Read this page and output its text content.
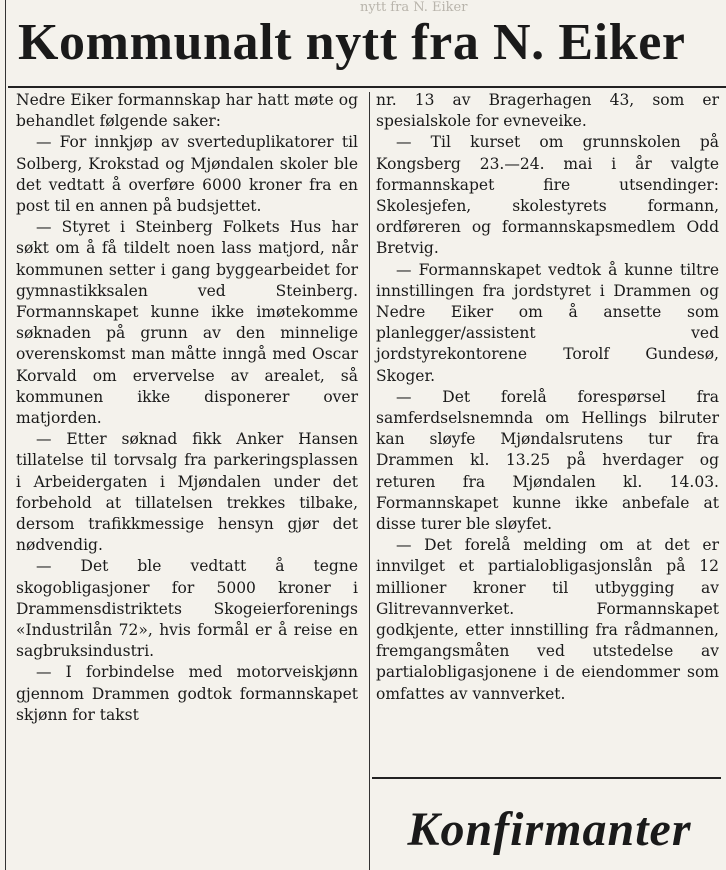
nytt fra N. Eiker
Kommunalt nytt fra N. Eiker

Nedre Eiker formannskap har hatt møte og behandlet følgende saker:

— For innkjøp av sverteduplikatorer til Solberg, Krokstad og Mjøndalen skoler ble det vedtatt å overføre 6000 kroner fra en post til en annen på budsjettet.

— Styret i Steinberg Folkets Hus har søkt om å få tildelt noen lass matjord, når kommunen setter i gang byggearbeidet for gymnastikksalen ved Steinberg. Formannskapet kunne ikke imøtekomme søknaden på grunn av den minnelige overenskomst man måtte inngå med Oscar Korvald om ervervelse av arealet, så kommunen ikke disponerer over matjorden.

— Etter søknad fikk Anker Hansen tillatelse til torvsalg fra parkeringsplassen i Arbeidergaten i Mjøndalen under det forbehold at tillatelsen trekkes tilbake, dersom trafikkmessige hensyn gjør det nødvendig.

— Det ble vedtatt å tegne skogobligasjoner for 5000 kroner i Drammensdistriktets Skogeierforenings «Industrilån 72», hvis formål er å reise en sagbruksindustri.

— I forbindelse med motorveiskjønn gjennom Drammen godtok formannskapet skjønn for takst

nr. 13 av Bragerhagen 43, som er spesialskole for evneveike.

— Til kurset om grunnskolen på Kongsberg 23.—24. mai i år valgte formannskapet fire utsendinger: Skolesjefen, skolestyrets formann, ordføreren og formannskapsmedlem Odd Bretvig.

— Formannskapet vedtok å kunne tiltre innstillingen fra jordstyret i Drammen og Nedre Eiker om å ansette som planlegger/assistent ved jordstyrekontorene Torolf Gundesø, Skoger.

— Det forelå forespørsel fra samferdselsnemnda om Hellings bilruter kan sløyfe Mjøndalsrutens tur fra Drammen kl. 13.25 på hverdager og returen fra Mjøndalen kl. 14.03. Formannskapet kunne ikke anbefale at disse turer ble sløyfet.

— Det forelå melding om at det er innvilget et partialobligasjonslån på 12 millioner kroner til utbygging av Glitrevannverket. Formannskapet godkjente, etter innstilling fra rådmannen, fremgangsmåten ved utstedelse av partialobligasjonene i de eiendommer som omfattes av vannverket.

Konfirmanter
